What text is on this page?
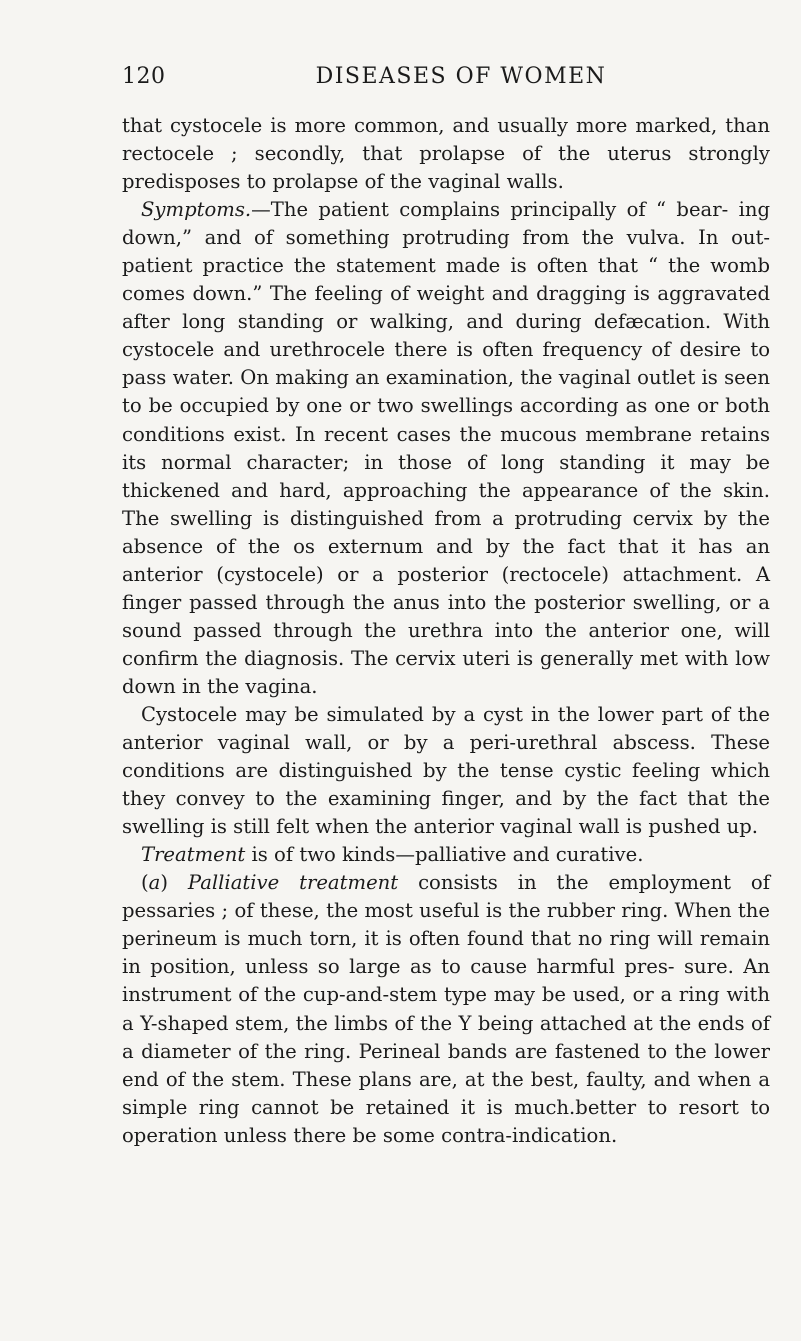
120	DISEASES OF WOMEN

that cystocele is more common, and usually more marked, than rectocele ; secondly, that prolapse of the uterus strongly predisposes to prolapse of the vaginal walls.

Symptoms.—The patient complains principally of “ bear- ing down,” and of something protruding from the vulva. In out-patient practice the statement made is often that “ the womb comes down.” The feeling of weight and dragging is aggravated after long standing or walking, and during defæcation. With cystocele and urethrocele there is often frequency of desire to pass water. On making an examination, the vaginal outlet is seen to be occupied by one or two swellings according as one or both conditions exist. In recent cases the mucous membrane retains its normal character; in those of long standing it may be thickened and hard, approaching the appearance of the skin. The swelling is distinguished from a protruding cervix by the absence of the os externum and by the fact that it has an anterior (cystocele) or a posterior (rectocele) attachment. A finger passed through the anus into the posterior swelling, or a sound passed through the urethra into the anterior one, will confirm the diagnosis. The cervix uteri is generally met with low down in the vagina.

Cystocele may be simulated by a cyst in the lower part of the anterior vaginal wall, or by a peri-urethral abscess. These conditions are distinguished by the tense cystic feeling which they convey to the examining finger, and by the fact that the swelling is still felt when the anterior vaginal wall is pushed up.

Treatment is of two kinds—palliative and curative.

(a) Palliative treatment consists in the employment of pessaries ; of these, the most useful is the rubber ring. When the perineum is much torn, it is often found that no ring will remain in position, unless so large as to cause harmful pres- sure. An instrument of the cup-and-stem type may be used, or a ring with a Y-shaped stem, the limbs of the Y being attached at the ends of a diameter of the ring. Perineal bands are fastened to the lower end of the stem. These plans are, at the best, faulty, and when a simple ring cannot be retained it is much.better to resort to operation unless there be some contra-indication.
